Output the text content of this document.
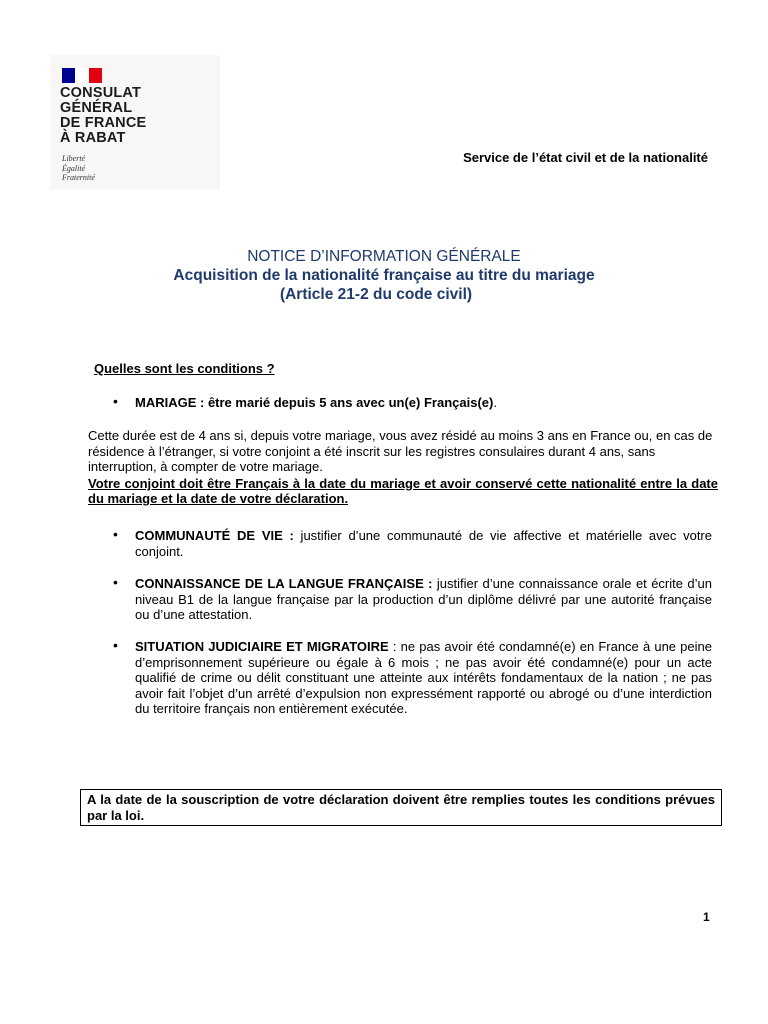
CONSULAT
GÉNÉRAL
DE FRANCE
À RABAT
Liberté
Égalité
Fraternité
Service de l’état civil et de la nationalité
NOTICE D’INFORMATION GÉNÉRALE
Acquisition de la nationalité française au titre du mariage
(Article 21-2 du code civil)
Quelles sont les conditions ?
• MARIAGE : être marié depuis 5 ans avec un(e) Français(e).
Cette durée est de 4 ans si, depuis votre mariage, vous avez résidé au moins 3 ans en France ou, en cas de résidence à l’étranger, si votre conjoint a été inscrit sur les registres consulaires durant 4 ans, sans interruption, à compter de votre mariage.
Votre conjoint doit être Français à la date du mariage et avoir conservé cette nationalité entre la date du mariage et la date de votre déclaration.
• COMMUNAUTÉ DE VIE : justifier d’une communauté de vie affective et matérielle avec votre conjoint.
• CONNAISSANCE DE LA LANGUE FRANÇAISE : justifier d’une connaissance orale et écrite d’un niveau B1 de la langue française par la production d’un diplôme délivré par une autorité française ou d’une attestation.
• SITUATION JUDICIAIRE ET MIGRATOIRE : ne pas avoir été condamné(e) en France à une peine d’emprisonnement supérieure ou égale à 6 mois ; ne pas avoir été condamné(e) pour un acte qualifié de crime ou délit constituant une atteinte aux intérêts fondamentaux de la nation ; ne pas avoir fait l’objet d’un arrêté d’expulsion non expressément rapporté ou abrogé ou d’une interdiction du territoire français non entièrement exécutée.
A la date de la souscription de votre déclaration doivent être remplies toutes les conditions prévues par la loi.
1
